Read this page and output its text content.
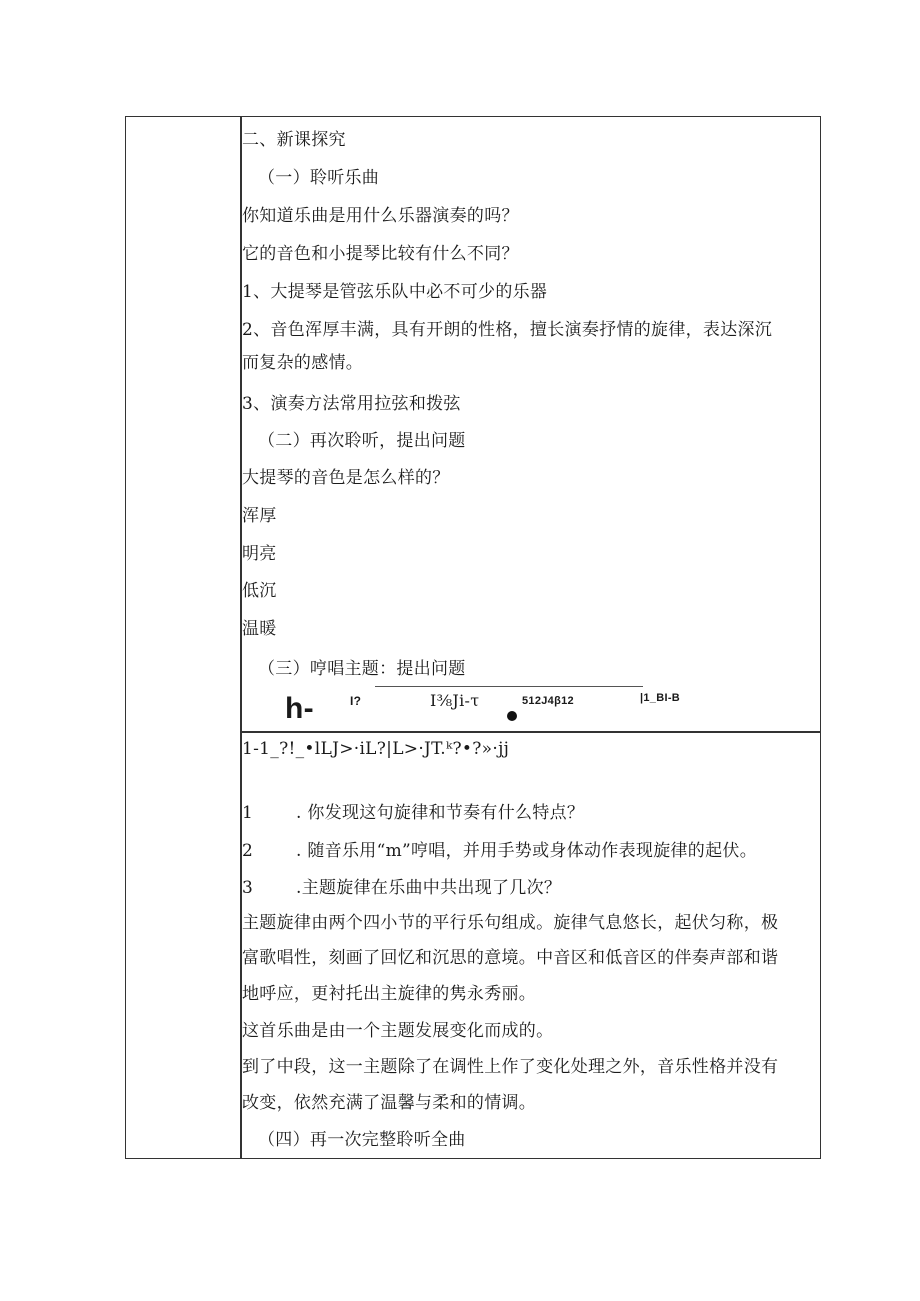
二、新课探究
（一）聆听乐曲
你知道乐曲是用什么乐器演奏的吗？
它的音色和小提琴比较有什么不同？
1、大提琴是管弦乐队中必不可少的乐器
2、音色浑厚丰满，具有开朗的性格，擅长演奏抒情的旋律，表达深沉
而复杂的感情。
3、演奏方法常用拉弦和拨弦
（二）再次聆听，提出问题
大提琴的音色是怎么样的？
浑厚
明亮
低沉
温暖
（三）哼唱主题：提出问题
h-	I?	I⅜Ji-τ	512J4β12	|1_BI-B
1-1_?!_•lLJ>·iL?|L>·JT.ᵏ?•?»·jj
1	. 你发现这句旋律和节奏有什么特点？
2	. 随音乐用“m”哼唱，并用手势或身体动作表现旋律的起伏。
3	.主题旋律在乐曲中共出现了几次？
主题旋律由两个四小节的平行乐句组成。旋律气息悠长，起伏匀称，极
富歌唱性，刻画了回忆和沉思的意境。中音区和低音区的伴奏声部和谐
地呼应，更衬托出主旋律的隽永秀丽。
这首乐曲是由一个主题发展变化而成的。
到了中段，这一主题除了在调性上作了变化处理之外，音乐性格并没有
改变，依然充满了温馨与柔和的情调。
（四）再一次完整聆听全曲
